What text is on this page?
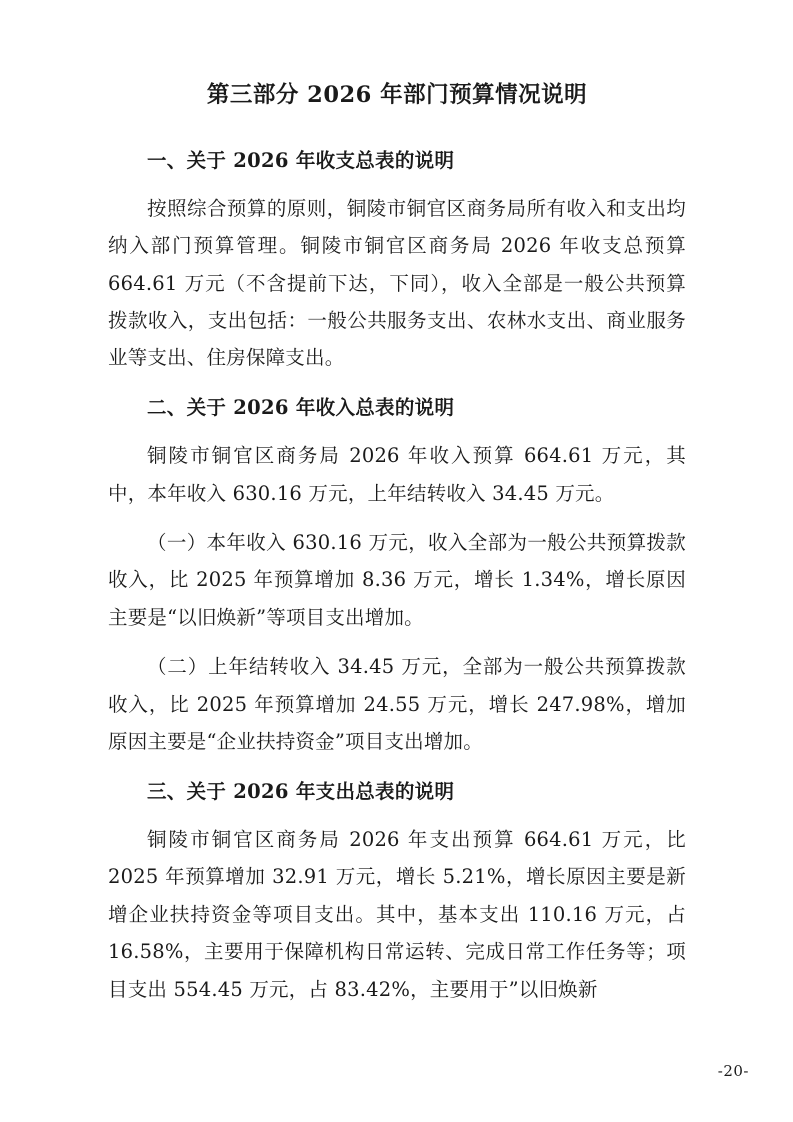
第三部分 2026 年部门预算情况说明
一、关于 2026 年收支总表的说明

按照综合预算的原则，铜陵市铜官区商务局所有收入和支出均纳入部门预算管理。铜陵市铜官区商务局 2026 年收支总预算 664.61 万元（不含提前下达，下同），收入全部是一般公共预算拨款收入，支出包括：一般公共服务支出、农林水支出、商业服务业等支出、住房保障支出。

二、关于 2026 年收入总表的说明

铜陵市铜官区商务局 2026 年收入预算 664.61 万元，其中，本年收入 630.16 万元，上年结转收入 34.45 万元。

（一）本年收入 630.16 万元，收入全部为一般公共预算拨款收入，比 2025 年预算增加 8.36 万元，增长 1.34%，增长原因主要是“以旧焕新”等项目支出增加。

（二）上年结转收入 34.45 万元，全部为一般公共预算拨款收入，比 2025 年预算增加 24.55 万元，增长 247.98%，增加原因主要是“企业扶持资金”项目支出增加。

三、关于 2026 年支出总表的说明

铜陵市铜官区商务局 2026 年支出预算 664.61 万元，比 2025 年预算增加 32.91 万元，增长 5.21%，增长原因主要是新增企业扶持资金等项目支出。其中，基本支出 110.16 万元，占 16.58%，主要用于保障机构日常运转、完成日常工作任务等；项目支出 554.45 万元，占 83.42%，主要用于”以旧焕新

-20-
